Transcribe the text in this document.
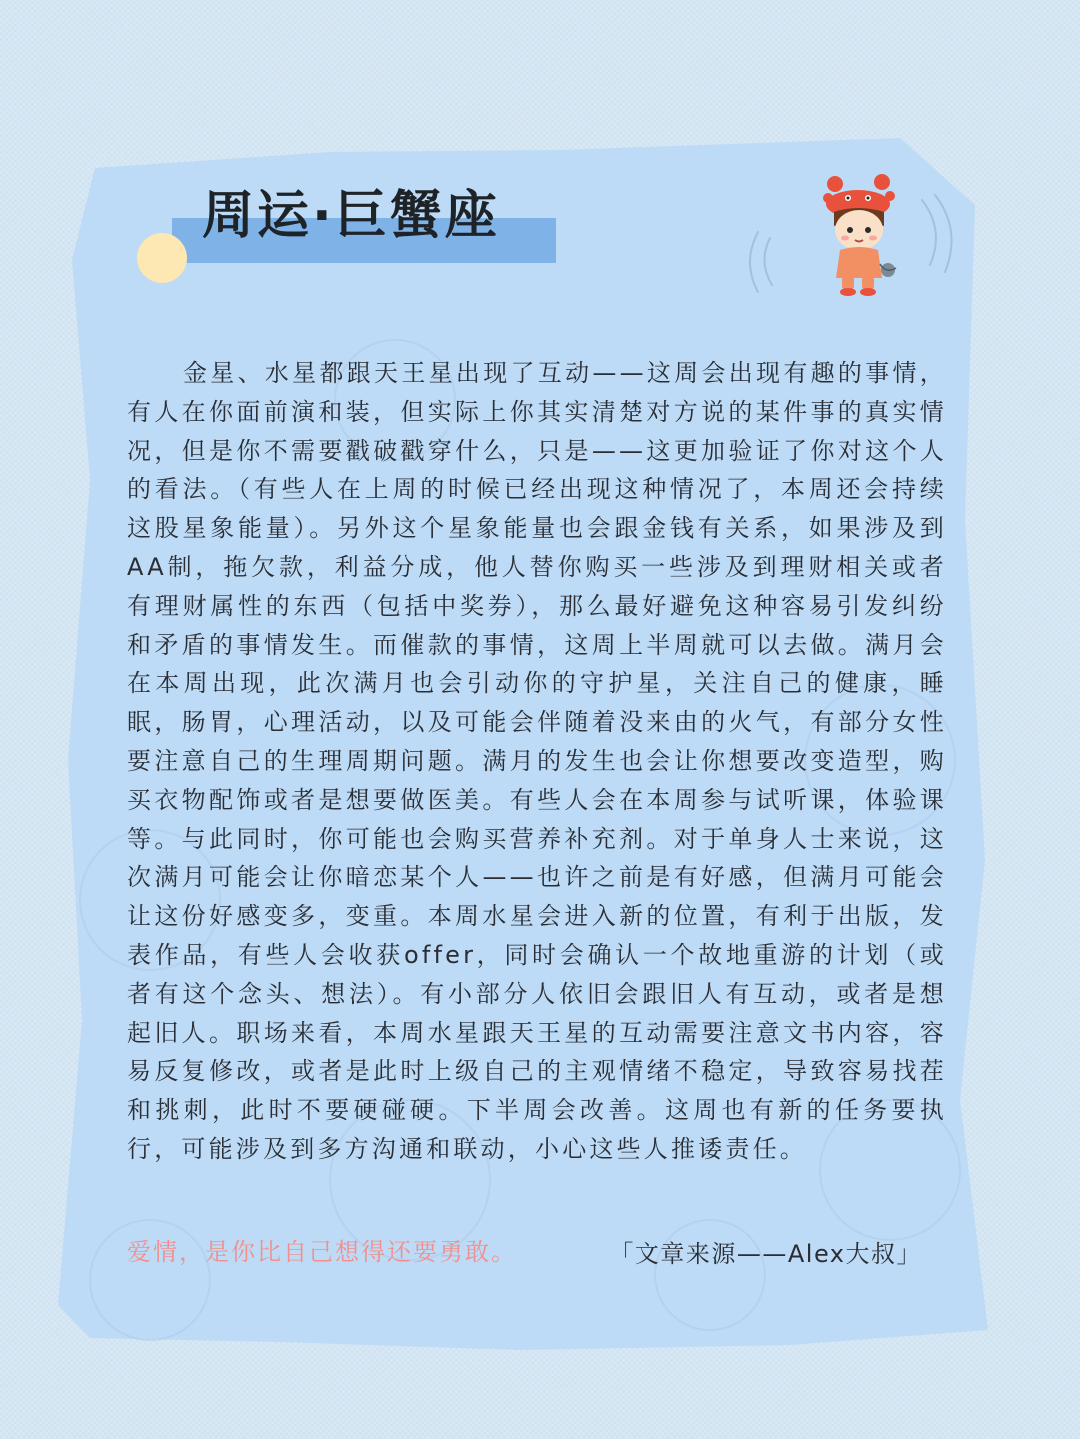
周运·巨蟹座

金星、水星都跟天王星出现了互动——这周会出现有趣的事情，有人在你面前演和装，但实际上你其实清楚对方说的某件事的真实情况，但是你不需要戳破戳穿什么，只是——这更加验证了你对这个人的看法。（有些人在上周的时候已经出现这种情况了，本周还会持续这股星象能量）。另外这个星象能量也会跟金钱有关系，如果涉及到AA制，拖欠款，利益分成，他人替你购买一些涉及到理财相关或者有理财属性的东西（包括中奖券），那么最好避免这种容易引发纠纷和矛盾的事情发生。而催款的事情，这周上半周就可以去做。满月会在本周出现，此次满月也会引动你的守护星，关注自己的健康，睡眠，肠胃，心理活动，以及可能会伴随着没来由的火气，有部分女性要注意自己的生理周期问题。满月的发生也会让你想要改变造型，购买衣物配饰或者是想要做医美。有些人会在本周参与试听课，体验课等。与此同时，你可能也会购买营养补充剂。对于单身人士来说，这次满月可能会让你暗恋某个人——也许之前是有好感，但满月可能会让这份好感变多，变重。本周水星会进入新的位置，有利于出版，发表作品，有些人会收获offer，同时会确认一个故地重游的计划（或者有这个念头、想法）。有小部分人依旧会跟旧人有互动，或者是想起旧人。职场来看，本周水星跟天王星的互动需要注意文书内容，容易反复修改，或者是此时上级自己的主观情绪不稳定，导致容易找茬和挑刺，此时不要硬碰硬。下半周会改善。这周也有新的任务要执行，可能涉及到多方沟通和联动，小心这些人推诿责任。

爱情，是你比自己想得还要勇敢。	「文章来源——Alex大叔」
